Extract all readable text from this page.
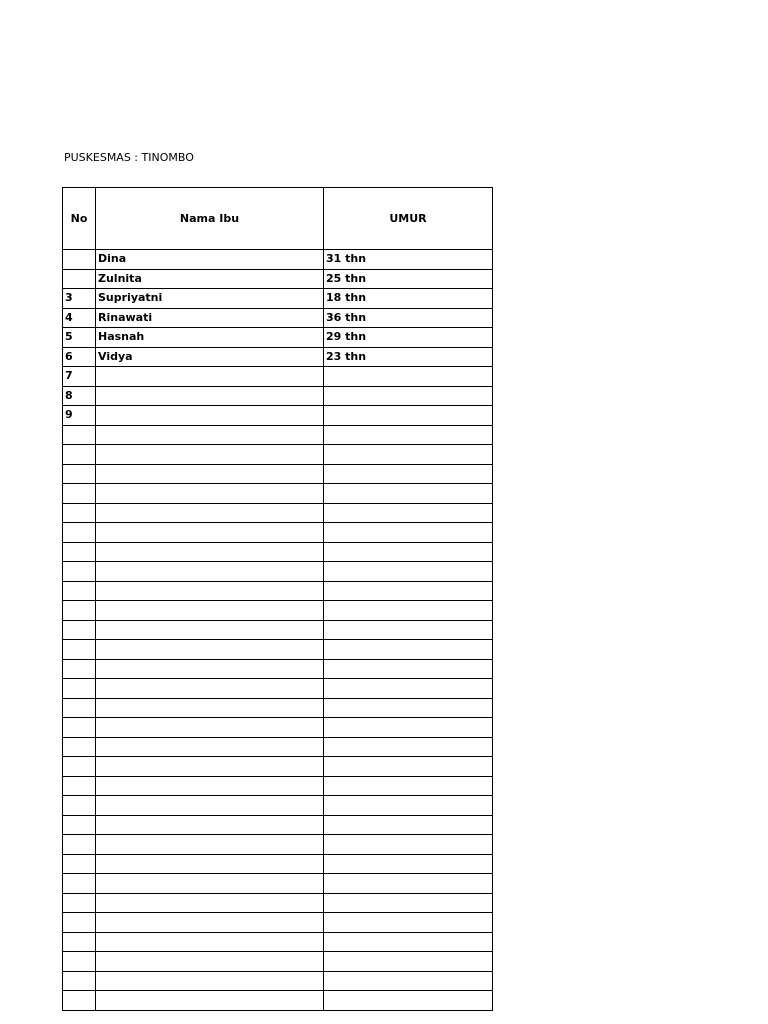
PUSKESMAS : TINOMBO
No	Nama Ibu	UMUR
	Dina	31 thn
	Zulnita	25 thn
3	Supriyatni	18 thn
4	Rinawati	36 thn
5	Hasnah	29 thn
6	Vidya	23 thn
7		
8		
9		
